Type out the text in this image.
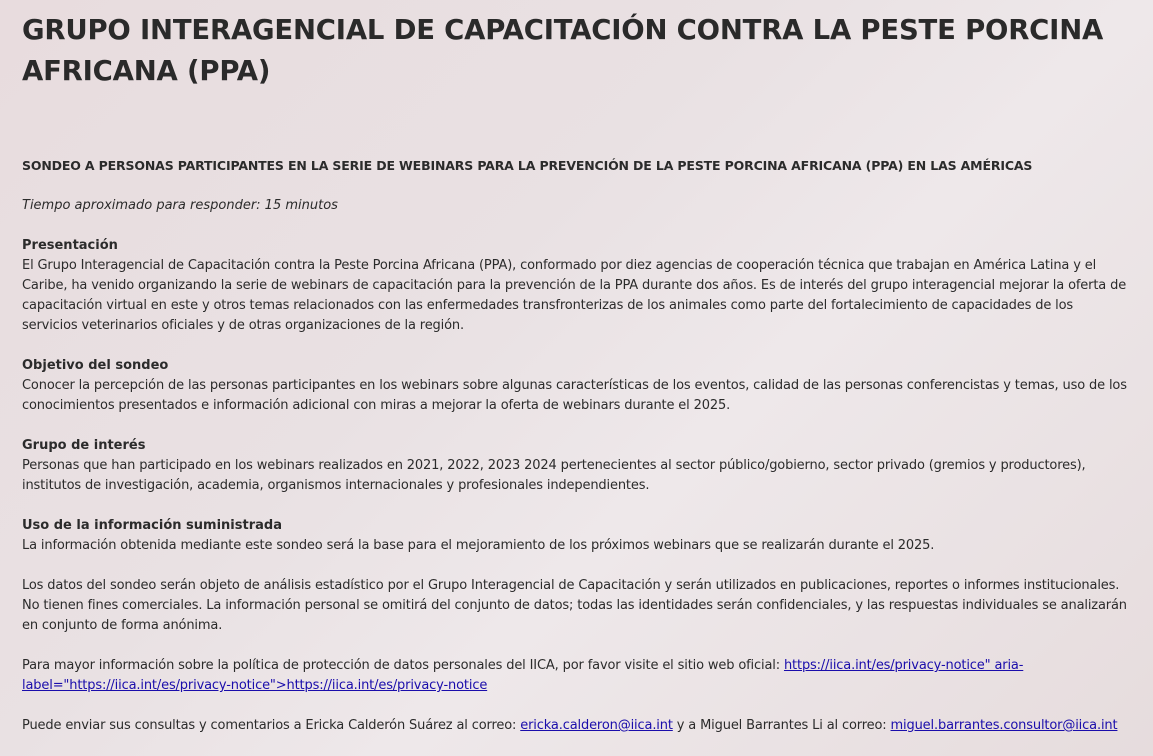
GRUPO INTERAGENCIAL DE CAPACITACIÓN CONTRA LA PESTE PORCINA AFRICANA (PPA)
SONDEO A PERSONAS PARTICIPANTES EN LA SERIE DE WEBINARS PARA LA PREVENCIÓN DE LA PESTE PORCINA AFRICANA (PPA) EN LAS AMÉRICAS
Tiempo aproximado para responder: 15 minutos
Presentación
El Grupo Interagencial de Capacitación contra la Peste Porcina Africana (PPA), conformado por diez agencias de cooperación técnica que trabajan en América Latina y el Caribe, ha venido organizando la serie de webinars de capacitación para la prevención de la PPA durante dos años. Es de interés del grupo interagencial mejorar la oferta de capacitación virtual en este y otros temas relacionados con las enfermedades transfronterizas de los animales como parte del fortalecimiento de capacidades de los servicios veterinarios oficiales y de otras organizaciones de la región.
Objetivo del sondeo
Conocer la percepción de las personas participantes en los webinars sobre algunas características de los eventos, calidad de las personas conferencistas y temas, uso de los conocimientos presentados e información adicional con miras a mejorar la oferta de webinars durante el 2025.
Grupo de interés
Personas que han participado en los webinars realizados en 2021, 2022, 2023 2024 pertenecientes al sector público/gobierno, sector privado (gremios y productores), institutos de investigación, academia, organismos internacionales y profesionales independientes.
Uso de la información suministrada
La información obtenida mediante este sondeo será la base para el mejoramiento de los próximos webinars que se realizarán durante el 2025.
Los datos del sondeo serán objeto de análisis estadístico por el Grupo Interagencial de Capacitación y serán utilizados en publicaciones, reportes o informes institucionales. No tienen fines comerciales. La información personal se omitirá del conjunto de datos; todas las identidades serán confidenciales, y las respuestas individuales se analizarán en conjunto de forma anónima.
Para mayor información sobre la política de protección de datos personales del IICA, por favor visite el sitio web oficial: https://iica.int/es/privacy-notice" aria-label="https://iica.int/es/privacy-notice">https://iica.int/es/privacy-notice
Puede enviar sus consultas y comentarios a Ericka Calderón Suárez al correo: ericka.calderon@iica.int y a Miguel Barrantes Li al correo: miguel.barrantes.consultor@iica.int
